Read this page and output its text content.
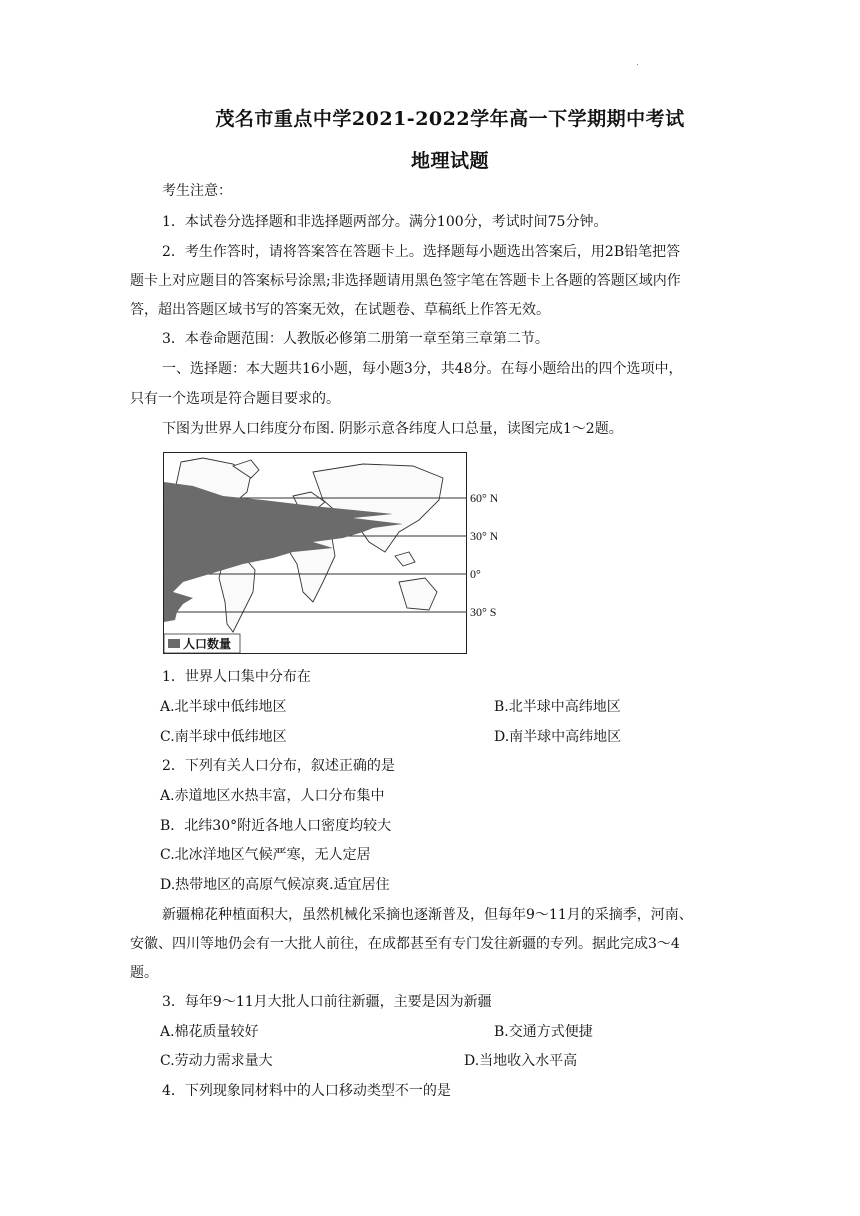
.
茂名市重点中学2021-2022学年高一下学期期中考试
地理试题
考生注意：
1．本试卷分选择题和非选择题两部分。满分100分，考试时间75分钟。
2．考生作答时，请将答案答在答题卡上。选择题每小题选出答案后，用2B铅笔把答
题卡上对应题目的答案标号涂黑;非选择题请用黑色签字笔在答题卡上各题的答题区域内作
答，超出答题区域书写的答案无效，在试题卷、草稿纸上作答无效。
3．本卷命题范围：人教版必修第二册第一章至第三章第二节。
一、选择题：本大题共16小题，每小题3分，共48分。在每小题给出的四个选项中，
只有一个选项是符合题目要求的。
下图为世界人口纬度分布图. 阴影示意各纬度人口总量，读图完成1～2题。
60° N
30° N
0°
30° S
人口数量
1．世界人口集中分布在
A.北半球中低纬地区	B.北半球中高纬地区
C.南半球中低纬地区	D.南半球中高纬地区
2．下列有关人口分布，叙述正确的是
A.赤道地区水热丰富，人口分布集中
B．北纬30°附近各地人口密度均较大
C.北冰洋地区气候严寒，无人定居
D.热带地区的高原气候凉爽.适宜居住
新疆棉花种植面积大，虽然机械化采摘也逐渐普及，但每年9～11月的采摘季，河南、
安徽、四川等地仍会有一大批人前往，在成都甚至有专门发往新疆的专列。据此完成3～4
题。
3．每年9～11月大批人口前往新疆，主要是因为新疆
A.棉花质量较好	B.交通方式便捷
C.劳动力需求量大	D.当地收入水平高
4．下列现象同材料中的人口移动类型不一的是
